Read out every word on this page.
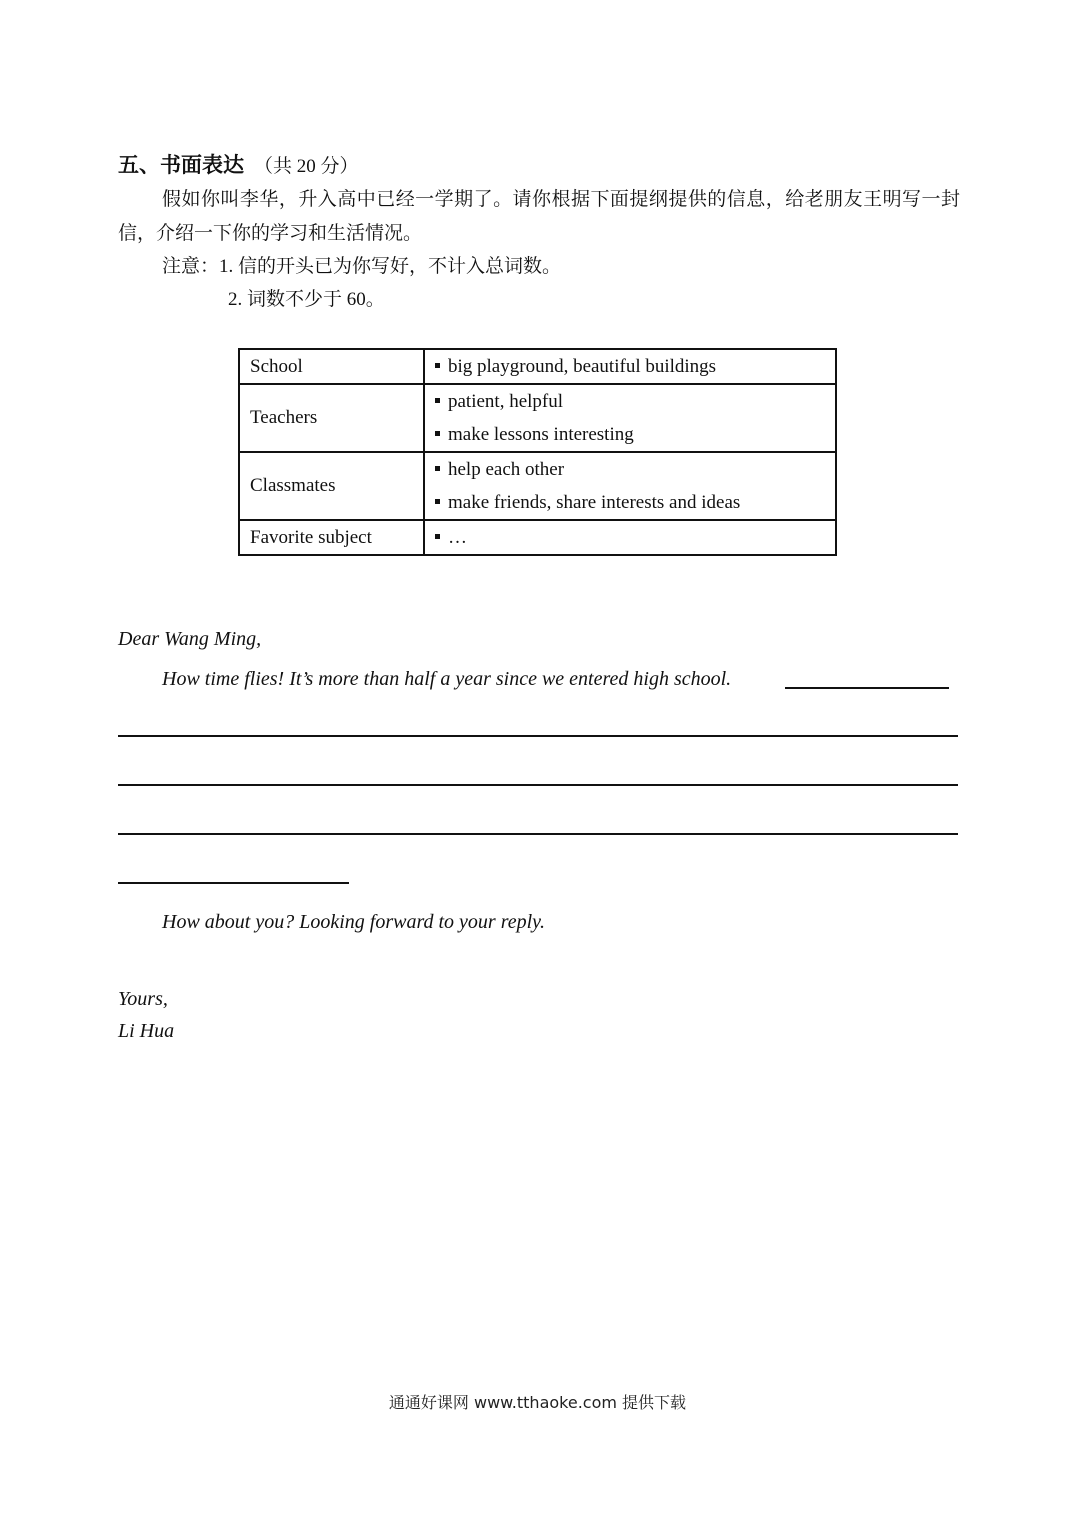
五、书面表达 （共 20 分）
假如你叫李华，升入高中已经一学期了。请你根据下面提纲提供的信息，给老朋友王明写一封信，介绍一下你的学习和生活情况。
注意：1. 信的开头已为你写好，不计入总词数。
2. 词数不少于 60。
School	big playground, beautiful buildings

Teachers	patient, helpful
make lessons interesting

Classmates	help each other
make friends, share interests and ideas

Favorite subject	…
Dear Wang Ming,
How time flies! It’s more than half a year since we entered high school.
How about you? Looking forward to your reply.
Yours,
Li Hua
通通好课网 www.tthaoke.com 提供下载
